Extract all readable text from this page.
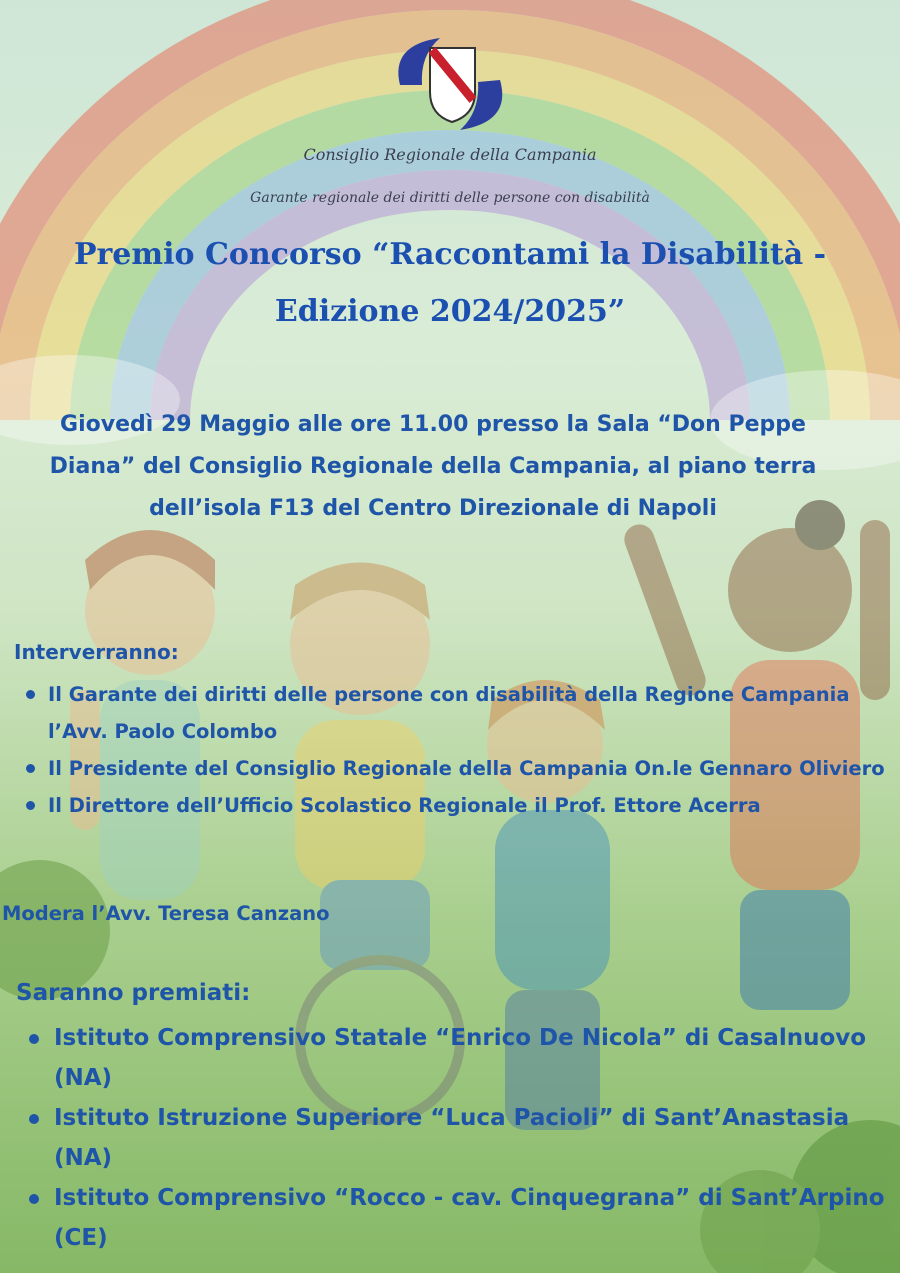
Consiglio Regionale della Campania
Garante regionale dei diritti delle persone con disabilità
Premio Concorso “Raccontami la Disabilità - Edizione 2024/2025”

Giovedì 29 Maggio alle ore 11.00 presso la Sala “Don Peppe Diana” del Consiglio Regionale della Campania, al piano terra dell’isola F13 del Centro Direzionale di Napoli

Interverranno:
Il Garante dei diritti delle persone con disabilità della Regione Campania l’Avv. Paolo Colombo
Il Presidente del Consiglio Regionale della Campania On.le Gennaro Oliviero
Il Direttore dell’Ufficio Scolastico Regionale il Prof. Ettore Acerra
Modera l’Avv. Teresa Canzano
Saranno premiati:
Istituto Comprensivo Statale “Enrico De Nicola” di Casalnuovo (NA)
Istituto Istruzione Superiore “Luca Pacioli” di Sant’Anastasia (NA)
Istituto Comprensivo “Rocco - cav. Cinquegrana” di Sant’Arpino (CE)
